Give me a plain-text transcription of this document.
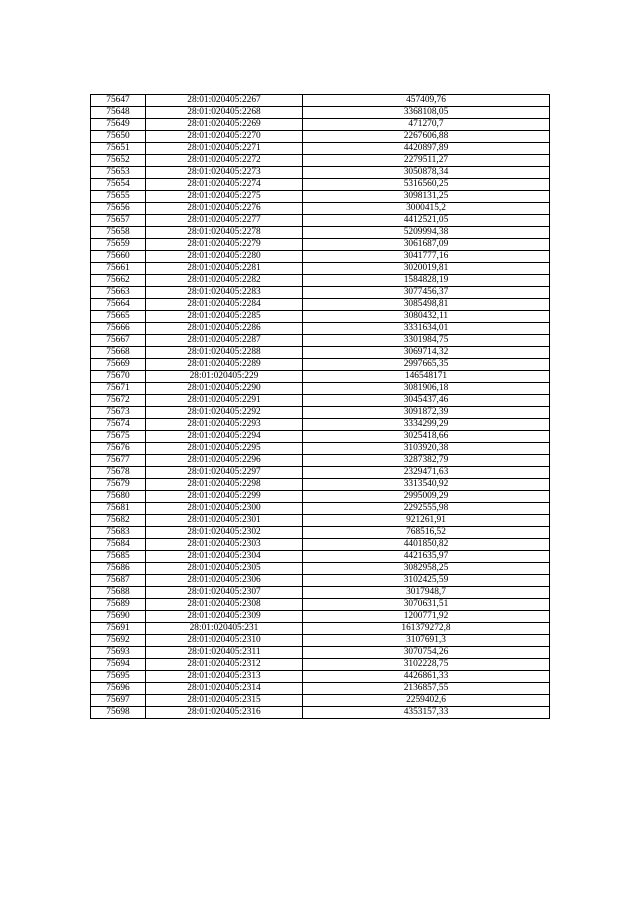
75647	28:01:020405:2267	457409,76
75648	28:01:020405:2268	3368108,05
75649	28:01:020405:2269	471270,7
75650	28:01:020405:2270	2267606,88
75651	28:01:020405:2271	4420897,89
75652	28:01:020405:2272	2279511,27
75653	28:01:020405:2273	3050878,34
75654	28:01:020405:2274	5316560,25
75655	28:01:020405:2275	3098131,25
75656	28:01:020405:2276	3000415,2
75657	28:01:020405:2277	4412521,05
75658	28:01:020405:2278	5209994,38
75659	28:01:020405:2279	3061687,09
75660	28:01:020405:2280	3041777,16
75661	28:01:020405:2281	3020019,81
75662	28:01:020405:2282	1584828,19
75663	28:01:020405:2283	3077456,37
75664	28:01:020405:2284	3085498,81
75665	28:01:020405:2285	3080432,11
75666	28:01:020405:2286	3331634,01
75667	28:01:020405:2287	3301984,75
75668	28:01:020405:2288	3069714,32
75669	28:01:020405:2289	2997665,35
75670	28:01:020405:229	146548171
75671	28:01:020405:2290	3081906,18
75672	28:01:020405:2291	3045437,46
75673	28:01:020405:2292	3091872,39
75674	28:01:020405:2293	3334299,29
75675	28:01:020405:2294	3025418,66
75676	28:01:020405:2295	3103920,38
75677	28:01:020405:2296	3287382,79
75678	28:01:020405:2297	2329471,63
75679	28:01:020405:2298	3313540,92
75680	28:01:020405:2299	2995009,29
75681	28:01:020405:2300	2292555,98
75682	28:01:020405:2301	921261,91
75683	28:01:020405:2302	768516,52
75684	28:01:020405:2303	4401850,82
75685	28:01:020405:2304	4421635,97
75686	28:01:020405:2305	3082958,25
75687	28:01:020405:2306	3102425,59
75688	28:01:020405:2307	3017948,7
75689	28:01:020405:2308	3070631,51
75690	28:01:020405:2309	1200771,92
75691	28:01:020405:231	161379272,8
75692	28:01:020405:2310	3107691,3
75693	28:01:020405:2311	3070754,26
75694	28:01:020405:2312	3102228,75
75695	28:01:020405:2313	4426861,33
75696	28:01:020405:2314	2136857,55
75697	28:01:020405:2315	2259402,6
75698	28:01:020405:2316	4353157,33
